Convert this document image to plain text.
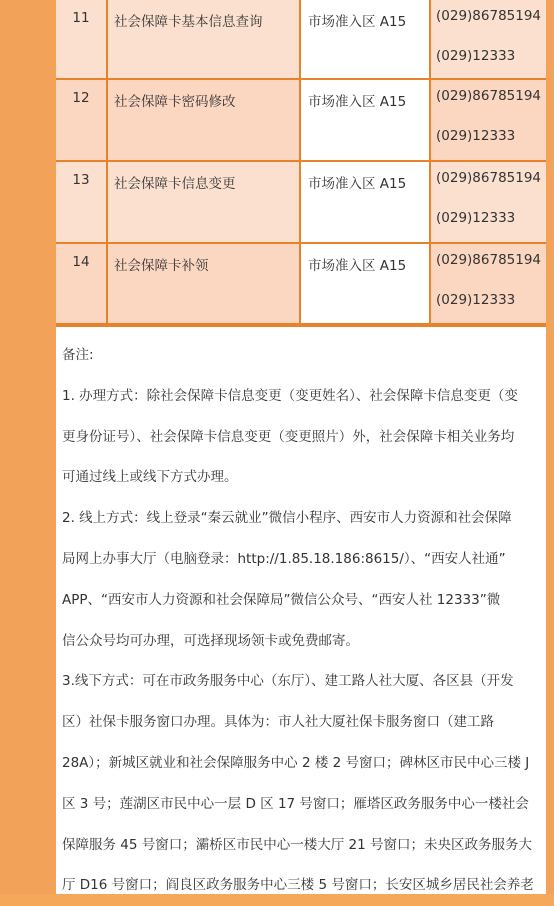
11	社会保障卡基本信息查询	市场准入区 A15	(029)86785194
(029)12333
12	社会保障卡密码修改	市场准入区 A15	(029)86785194
(029)12333
13	社会保障卡信息变更	市场准入区 A15	(029)86785194
(029)12333
14	社会保障卡补领	市场准入区 A15	(029)86785194
(029)12333

备注:

1. 办理方式：除社会保障卡信息变更（变更姓名）、社会保障卡信息变更（变

更身份证号）、社会保障卡信息变更（变更照片）外，社会保障卡相关业务均

可通过线上或线下方式办理。

2. 线上方式：线上登录“秦云就业”微信小程序、西安市人力资源和社会保障

局网上办事大厅（电脑登录：http://1.85.18.186:8615/）、“西安人社通”

APP、“西安市人力资源和社会保障局”微信公众号、“西安人社 12333”微

信公众号均可办理，可选择现场领卡或免费邮寄。

3.线下方式：可在市政务服务中心（东厅）、建工路人社大厦、各区县（开发

区）社保卡服务窗口办理。具体为：市人社大厦社保卡服务窗口（建工路

28A）；新城区就业和社会保障服务中心 2 楼 2 号窗口；碑林区市民中心三楼 J

区 3 号；莲湖区市民中心一层 D 区 17 号窗口；雁塔区政务服务中心一楼社会

保障服务 45 号窗口；灞桥区市民中心一楼大厅 21 号窗口；未央区政务服务大

厅 D16 号窗口；阎良区政务服务中心三楼 5 号窗口；长安区城乡居民社会养老
